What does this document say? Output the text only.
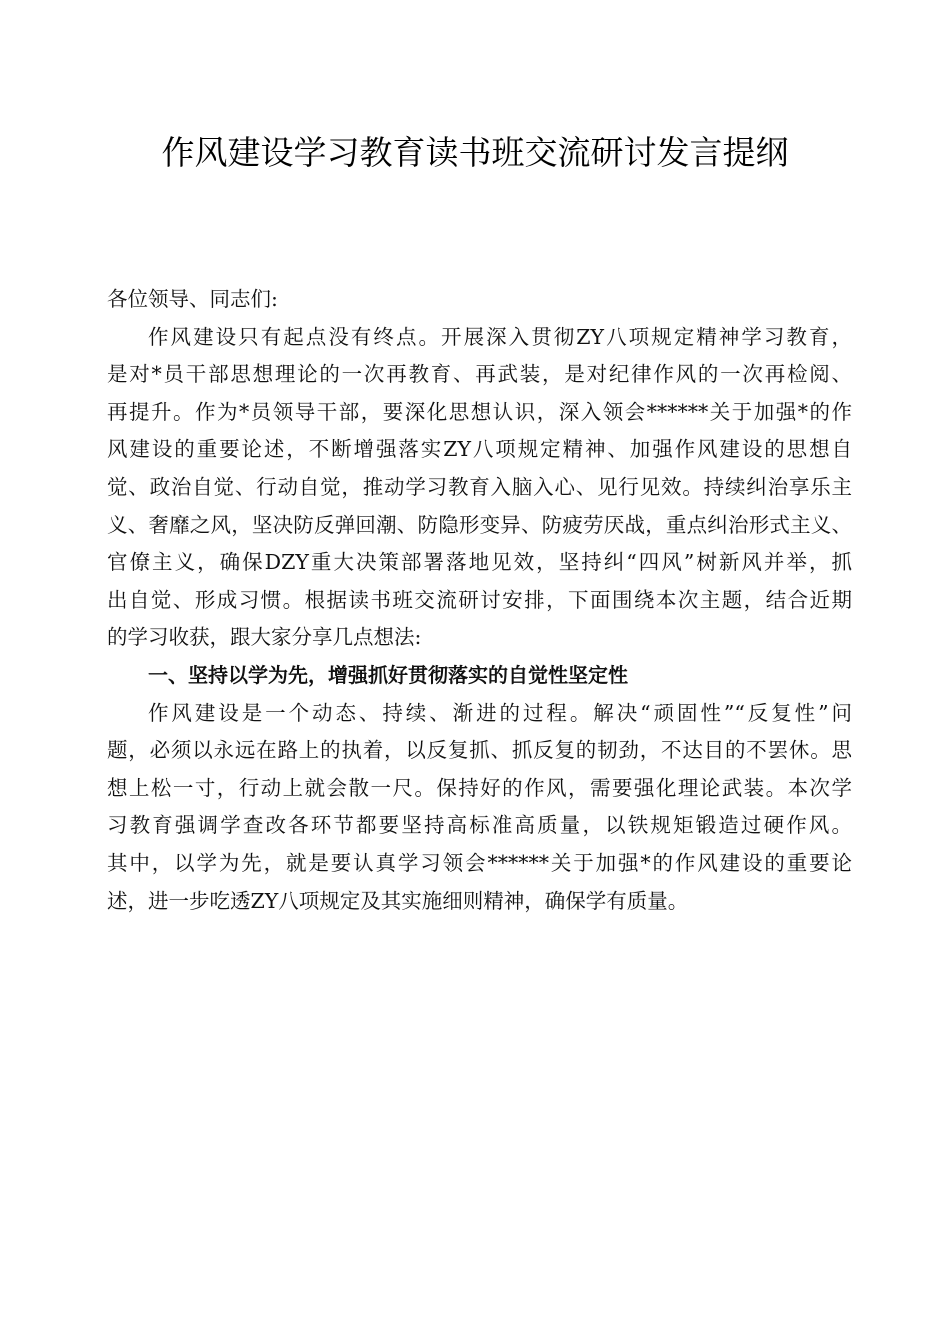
作风建设学习教育读书班交流研讨发言提纲
各位领导、同志们:
作风建设只有起点没有终点。开展深入贯彻ZY八项规定精神学习教育，
是对*员干部思想理论的一次再教育、再武装，是对纪律作风的一次再检阅、
再提升。作为*员领导干部，要深化思想认识，深入领会******关于加强*的作
风建设的重要论述，不断增强落实ZY八项规定精神、加强作风建设的思想自
觉、政治自觉、行动自觉，推动学习教育入脑入心、见行见效。持续纠治享乐主
义、奢靡之风，坚决防反弹回潮、防隐形变异、防疲劳厌战，重点纠治形式主义、
官僚主义，确保DZY重大决策部署落地见效，坚持纠“四风”树新风并举，抓
出自觉、形成习惯。根据读书班交流研讨安排，下面围绕本次主题，结合近期
的学习收获，跟大家分享几点想法:
一、坚持以学为先，增强抓好贯彻落实的自觉性坚定性
作风建设是一个动态、持续、渐进的过程。解决“顽固性”“反复性”问
题，必须以永远在路上的执着，以反复抓、抓反复的韧劲，不达目的不罢休。思
想上松一寸，行动上就会散一尺。保持好的作风，需要强化理论武装。本次学
习教育强调学查改各环节都要坚持高标准高质量，以铁规矩锻造过硬作风。
其中，以学为先，就是要认真学习领会******关于加强*的作风建设的重要论
述，进一步吃透ZY八项规定及其实施细则精神，确保学有质量。
